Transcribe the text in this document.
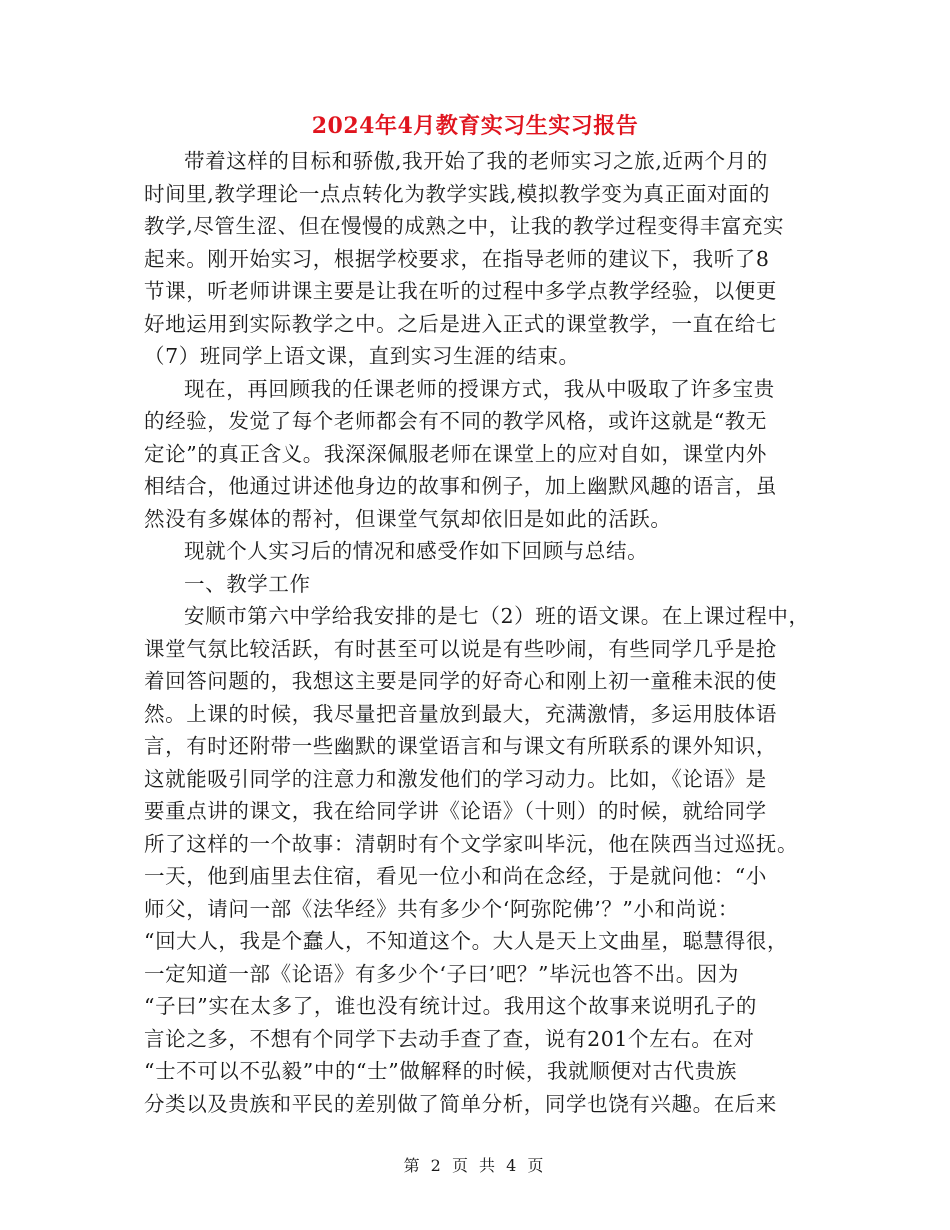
2024年4月教育实习生实习报告
带着这样的目标和骄傲,我开始了我的老师实习之旅,近两个月的
时间里,教学理论一点点转化为教学实践,模拟教学变为真正面对面的
教学,尽管生涩、但在慢慢的成熟之中，让我的教学过程变得丰富充实
起来。刚开始实习，根据学校要求，在指导老师的建议下，我听了8
节课，听老师讲课主要是让我在听的过程中多学点教学经验，以便更
好地运用到实际教学之中。之后是进入正式的课堂教学，一直在给七
（7）班同学上语文课，直到实习生涯的结束。
现在，再回顾我的任课老师的授课方式，我从中吸取了许多宝贵
的经验，发觉了每个老师都会有不同的教学风格，或许这就是“教无
定论”的真正含义。我深深佩服老师在课堂上的应对自如，课堂内外
相结合，他通过讲述他身边的故事和例子，加上幽默风趣的语言，虽
然没有多媒体的帮衬，但课堂气氛却依旧是如此的活跃。
现就个人实习后的情况和感受作如下回顾与总结。
一、教学工作
安顺市第六中学给我安排的是七（2）班的语文课。在上课过程中，
课堂气氛比较活跃，有时甚至可以说是有些吵闹，有些同学几乎是抢
着回答问题的，我想这主要是同学的好奇心和刚上初一童稚未泯的使
然。上课的时候，我尽量把音量放到最大，充满激情，多运用肢体语
言，有时还附带一些幽默的课堂语言和与课文有所联系的课外知识，
这就能吸引同学的注意力和激发他们的学习动力。比如，《论语》是
要重点讲的课文，我在给同学讲《论语》（十则）的时候，就给同学
所了这样的一个故事：清朝时有个文学家叫毕沅，他在陕西当过巡抚。
一天，他到庙里去住宿，看见一位小和尚在念经，于是就问他：“小
师父，请问一部《法华经》共有多少个‘阿弥陀佛’？”小和尚说：
“回大人，我是个蠢人，不知道这个。大人是天上文曲星，聪慧得很，
一定知道一部《论语》有多少个‘子曰’吧？”毕沅也答不出。因为
“子曰”实在太多了，谁也没有统计过。我用这个故事来说明孔子的
言论之多，不想有个同学下去动手查了查，说有201个左右。在对
“士不可以不弘毅”中的“士”做解释的时候，我就顺便对古代贵族
分类以及贵族和平民的差别做了简单分析，同学也饶有兴趣。在后来
第 2 页 共 4 页
